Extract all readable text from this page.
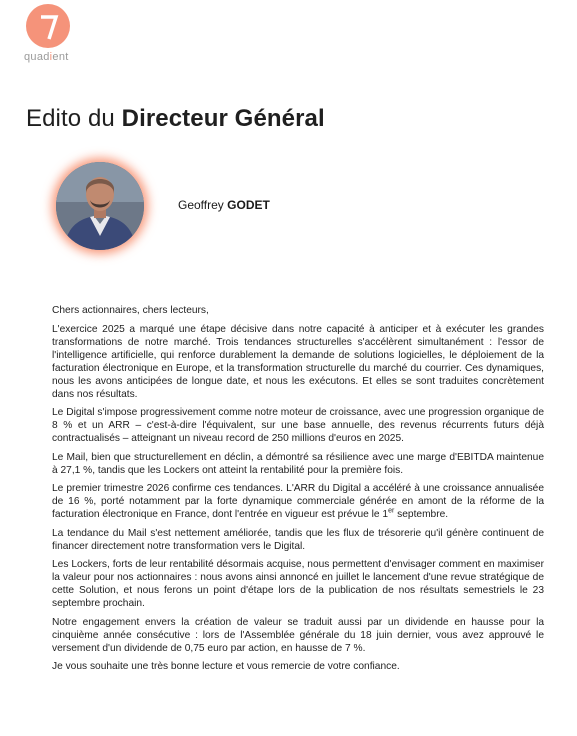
quadient
Edito du Directeur Général
Geoffrey GODET

Chers actionnaires, chers lecteurs,

L'exercice 2025 a marqué une étape décisive dans notre capacité à anticiper et à exécuter les grandes transformations de notre marché. Trois tendances structurelles s'accélèrent simultanément : l'essor de l'intelligence artificielle, qui renforce durablement la demande de solutions logicielles, le déploiement de la facturation électronique en Europe, et la transformation structurelle du marché du courrier. Ces dynamiques, nous les avons anticipées de longue date, et nous les exécutons. Et elles se sont traduites concrètement dans nos résultats.

Le Digital s'impose progressivement comme notre moteur de croissance, avec une progression organique de 8 % et un ARR – c'est-à-dire l'équivalent, sur une base annuelle, des revenus récurrents futurs déjà contractualisés – atteignant un niveau record de 250 millions d'euros en 2025.

Le Mail, bien que structurellement en déclin, a démontré sa résilience avec une marge d'EBITDA maintenue à 27,1 %, tandis que les Lockers ont atteint la rentabilité pour la première fois.

Le premier trimestre 2026 confirme ces tendances. L'ARR du Digital a accéléré à une croissance annualisée de 16 %, porté notamment par la forte dynamique commerciale générée en amont de la réforme de la facturation électronique en France, dont l'entrée en vigueur est prévue le 1er septembre.

La tendance du Mail s'est nettement améliorée, tandis que les flux de trésorerie qu'il génère continuent de financer directement notre transformation vers le Digital.

Les Lockers, forts de leur rentabilité désormais acquise, nous permettent d'envisager comment en maximiser la valeur pour nos actionnaires : nous avons ainsi annoncé en juillet le lancement d'une revue stratégique de cette Solution, et nous ferons un point d'étape lors de la publication de nos résultats semestriels le 23 septembre prochain.

Notre engagement envers la création de valeur se traduit aussi par un dividende en hausse pour la cinquième année consécutive : lors de l'Assemblée générale du 18 juin dernier, vous avez approuvé le versement d'un dividende de 0,75 euro par action, en hausse de 7 %.

Je vous souhaite une très bonne lecture et vous remercie de votre confiance.
